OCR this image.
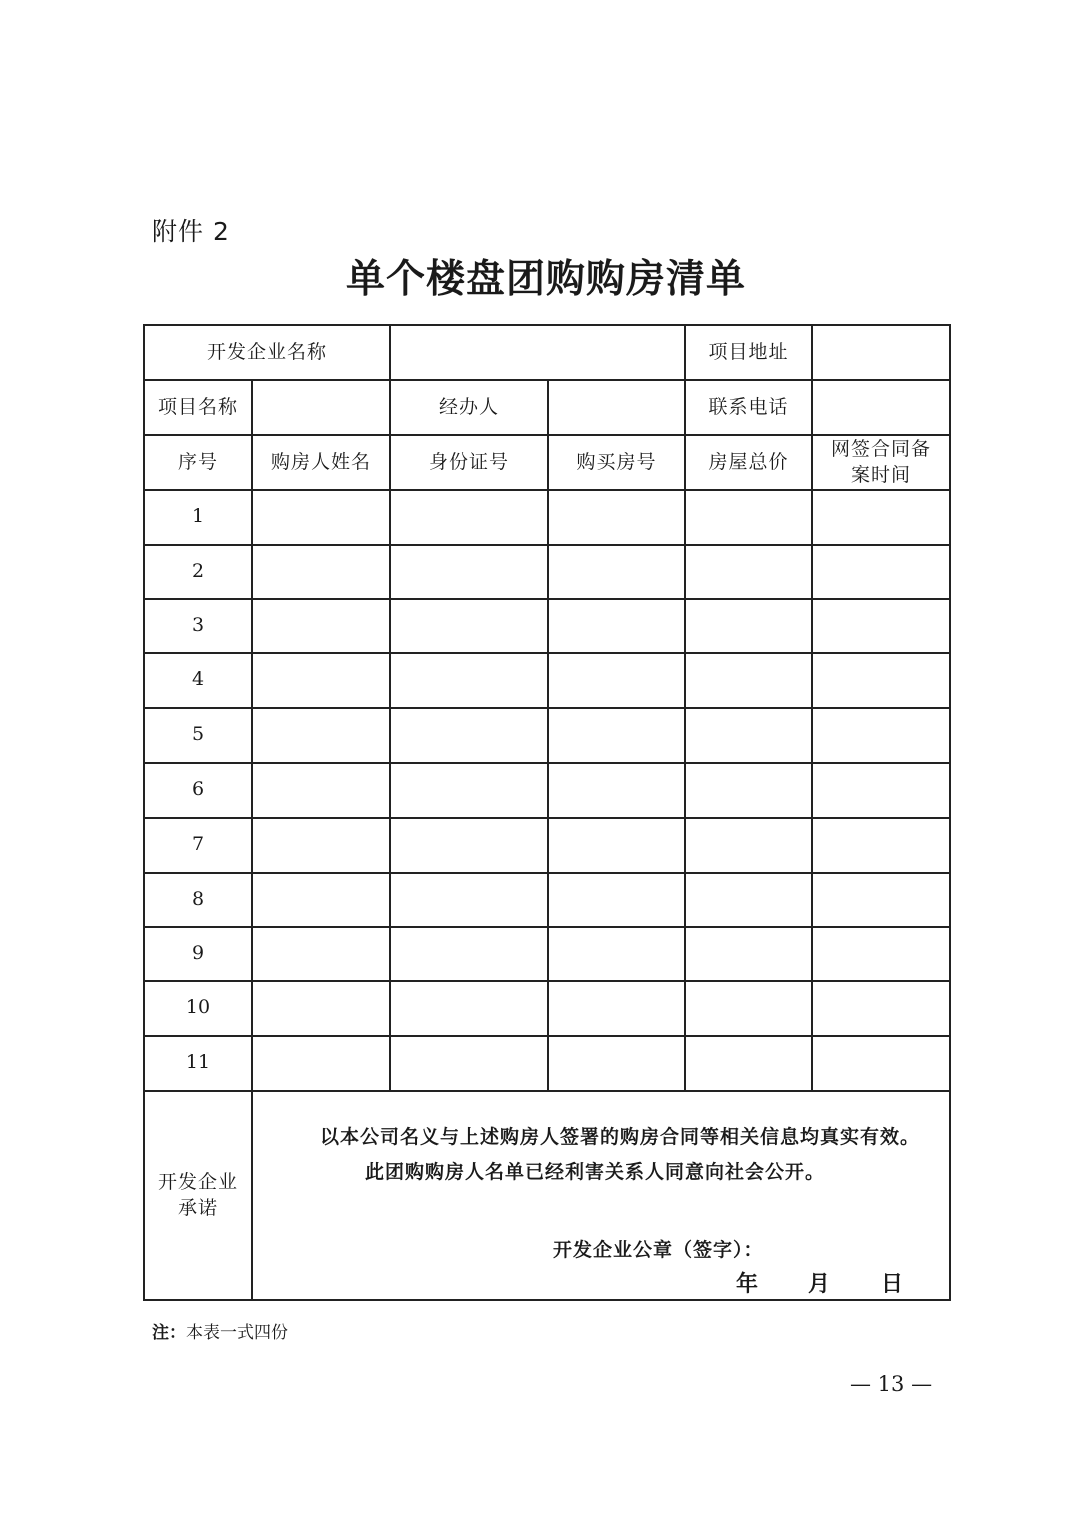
附件 2
单个楼盘团购购房清单
开发企业名称				项目地址	
项目名称		经办人		联系电话	
序号	购房人姓名	身份证号	购买房号	房屋总价	网签合同备案时间
1					
2					
3					
4					
5					
6					
7					
8					
9					
10					
11					
开发企业承诺	以本公司名义与上述购房人签署的购房合同等相关信息均真实有效。此团购购房人名单已经利害关系人同意向社会公开。
开发企业公章（签字）：
年 月 日				
注：本表一式四份
— 13 —
